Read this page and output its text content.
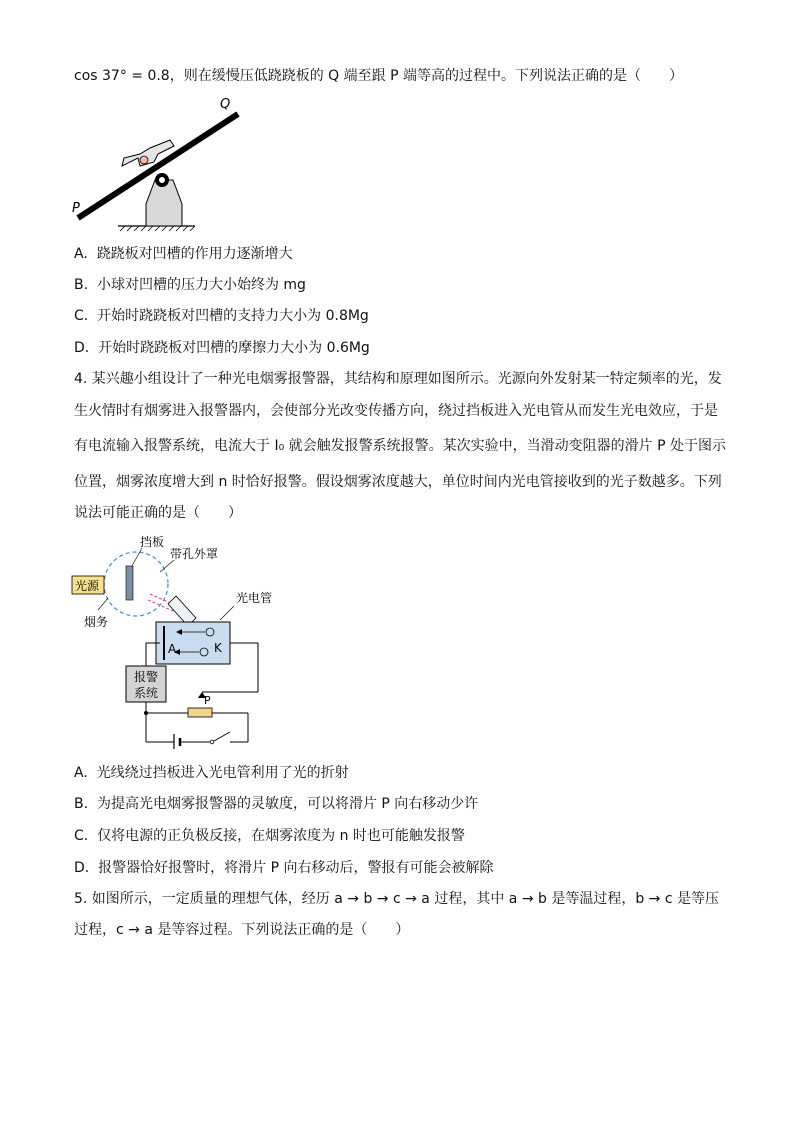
cos 37° = 0.8，则在缓慢压低跷跷板的 Q 端至跟 P 端等高的过程中。下列说法正确的是（　　）
Q
P
A. 跷跷板对凹槽的作用力逐渐增大
B. 小球对凹槽的压力大小始终为 mg
C. 开始时跷跷板对凹槽的支持力大小为 0.8Mg
D. 开始时跷跷板对凹槽的摩擦力大小为 0.6Mg
4. 某兴趣小组设计了一种光电烟雾报警器，其结构和原理如图所示。光源向外发射某一特定频率的光，发
生火情时有烟雾进入报警器内，会使部分光改变传播方向，绕过挡板进入光电管从而发生光电效应，于是
有电流输入报警系统，电流大于 I₀ 就会触发报警系统报警。某次实验中，当滑动变阻器的滑片 P 处于图示
位置，烟雾浓度增大到 n 时恰好报警。假设烟雾浓度越大，单位时间内光电管接收到的光子数越多。下列
说法可能正确的是（　　）
光源
挡板
带孔外罩
烟务
光电管
A	K
P
报警
系统
A. 光线绕过挡板进入光电管利用了光的折射
B. 为提高光电烟雾报警器的灵敏度，可以将滑片 P 向右移动少许
C. 仅将电源的正负极反接，在烟雾浓度为 n 时也可能触发报警
D. 报警器恰好报警时，将滑片 P 向右移动后，警报有可能会被解除
5. 如图所示，一定质量的理想气体，经历 a → b → c → a 过程，其中 a → b 是等温过程，b → c 是等压
过程，c → a 是等容过程。下列说法正确的是（　　）
